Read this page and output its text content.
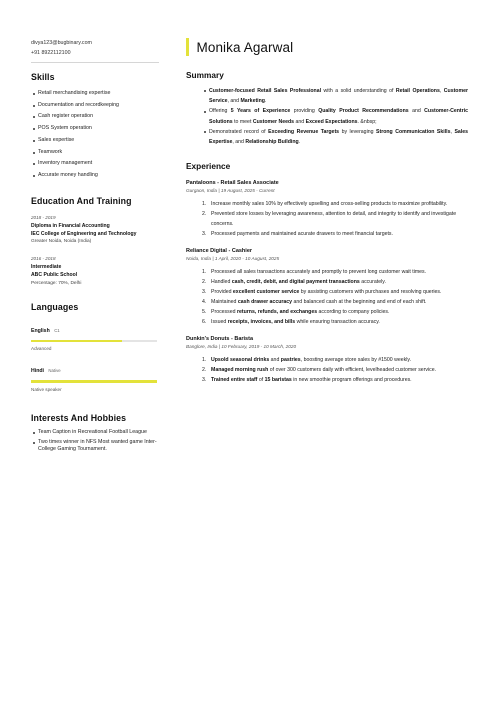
divya123@bugbinary.com
+91 8922112100
Skills
Retail merchandising expertise
Documentation and recordkeeping
Cash register operation
POS System operation
Sales expertise
Teamwork
Inventory management
Accurate money handling
Education And Training
2018 - 2019
Diploma in Financial Accounting
IEC College of Engineering and Technology
Greater Noida, Noida (India)
2016 - 2018
Intermediate
ABC Public School
Percentage: 70%, Delhi
Languages
English C1
Advanced
Hindi Native
Native speaker
Interests And Hobbies
Team Caption in Recreational Football League
Two times winner in NFS Most wanted game Inter-College Gaming Tournament.
Monika Agarwal
Summary
Customer-focused Retail Sales Professional with a solid understanding of Retail Operations, Customer Service, and Marketing.
Offering 5 Years of Experience providing Quality Product Recommendations and Customer-Centric Solutions to meet Customer Needs and Exceed Expectations. &nbsp;
Demonstrated record of Exceeding Revenue Targets by leveraging Strong Communication Skills, Sales Expertise, and Relationship Building.
Experience
Pantaloons - Retail Sales Associate
Gurgaon, India | 19 August, 2025 - Current
1. Increase monthly sales 10% by effectively upselling and cross-selling products to maximize profitability.
2. Prevented store losses by leveraging awareness, attention to detail, and integrity to identify and investigate concerns.
3. Processed payments and maintained acurate drawers to meet financial targets.
Reliance Digital - Cashier
Noida, India | 1 April, 2020 - 10 August, 2025
1. Processed all sales transactions accurately and promptly to prevent long customer wait times.
2. Handled cash, credit, debit, and digital payment transactions accurately.
3. Provided excellent customer service by assisting customers with purchases and resolving queries.
4. Maintained cash drawer accuracy and balanced cash at the beginning and end of each shift.
5. Processed returns, refunds, and exchanges according to company policies.
6. Issued receipts, invoices, and bills while ensuring transaction accuracy.
Dunkin's Donuts - Barista
Banglore, India | 10 February, 2019 - 10 March, 2020
1. Upsold seasonal drinks and pastries, boosting average store sales by #1500 weekly.
2. Managed morning rush of over 300 customers daily with efficient, levelheaded customer service.
3. Trained entire staff of 15 baristas in new smoothie program offerings and procedures.
